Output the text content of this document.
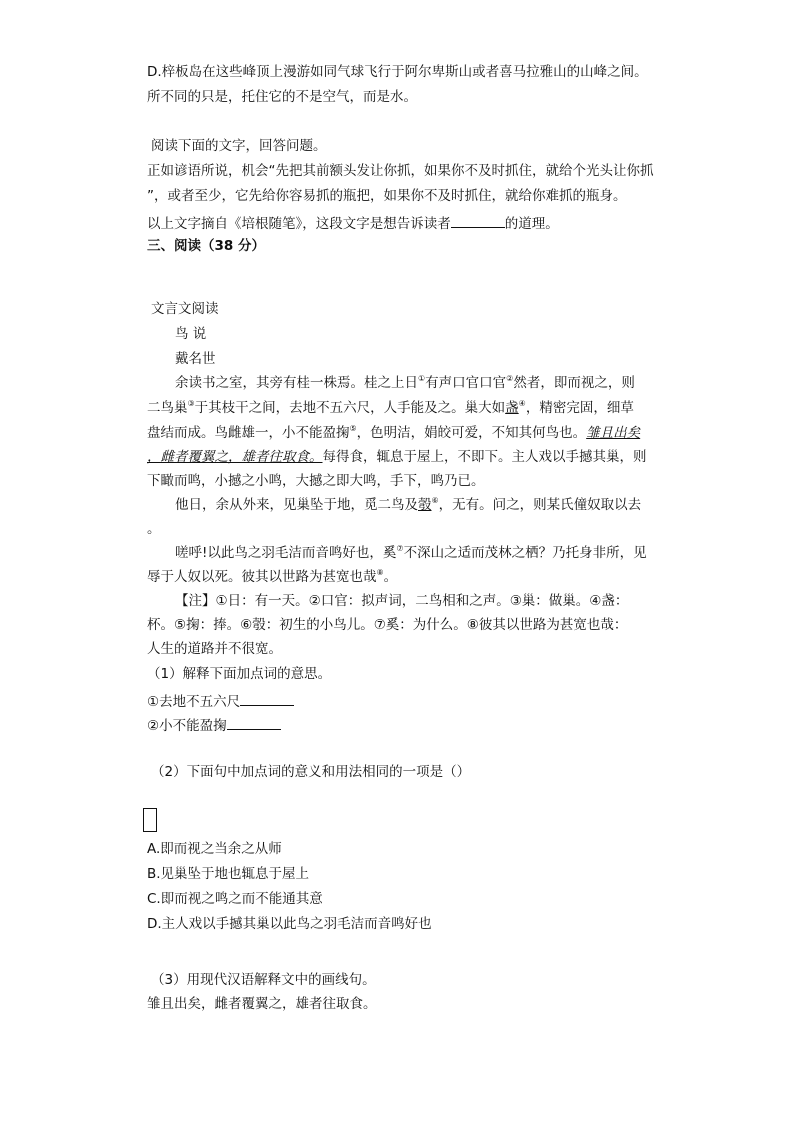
D.梓板岛在这些峰顶上漫游如同气球飞行于阿尔卑斯山或者喜马拉雅山的山峰之间。
所不同的只是，托住它的不是空气，而是水。
阅读下面的文字，回答问题。
正如谚语所说，机会“先把其前额头发让你抓，如果你不及时抓住，就给个光头让你抓
”，或者至少，它先给你容易抓的瓶把，如果你不及时抓住，就给你难抓的瓶身。
以上文字摘自《培根随笔》，这段文字是想告诉读者	的道理。
三、阅读（38 分）
文言文阅读
鸟 说
戴名世
余读书之室，其旁有桂一株焉。桂之上日①有声口官口官②然者，即而视之，则
二鸟巢③于其枝干之间，去地不五六尺，人手能及之。巢大如盏④，精密完固，细草
盘结而成。鸟雌雄一，小不能盈掬⑤，色明洁，娟皎可爱，不知其何鸟也。雏且出矣
，雌者覆翼之，雄者往取食。每得食，辄息于屋上，不即下。主人戏以手撼其巢，则
下瞰而鸣，小撼之小鸣，大撼之即大鸣，手下，鸣乃已。
他日，余从外来，见巢坠于地，觅二鸟及彀⑥，无有。问之，则某氏僮奴取以去
。
嗟呼!以此鸟之羽毛洁而音鸣好也，奚⑦不深山之适而茂林之栖？乃托身非所，见
辱于人奴以死。彼其以世路为甚宽也哉⑧。
【注】①日：有一天。②口官：拟声词，二鸟相和之声。③巢：做巢。④盏：
杯。⑤掬：捧。⑥彀：初生的小鸟儿。⑦奚：为什么。⑧彼其以世路为甚宽也哉：
人生的道路并不很宽。
（1）解释下面加点词的意思。
①去地不五六尺
②小不能盈掬
（2）下面句中加点词的意义和用法相同的一项是（）
A.即而视之当余之从师
B.见巢坠于地也辄息于屋上
C.即而视之鸣之而不能通其意
D.主人戏以手撼其巢以此鸟之羽毛洁而音鸣好也
（3）用现代汉语解释文中的画线句。
雏且出矣，雌者覆翼之，雄者往取食。
